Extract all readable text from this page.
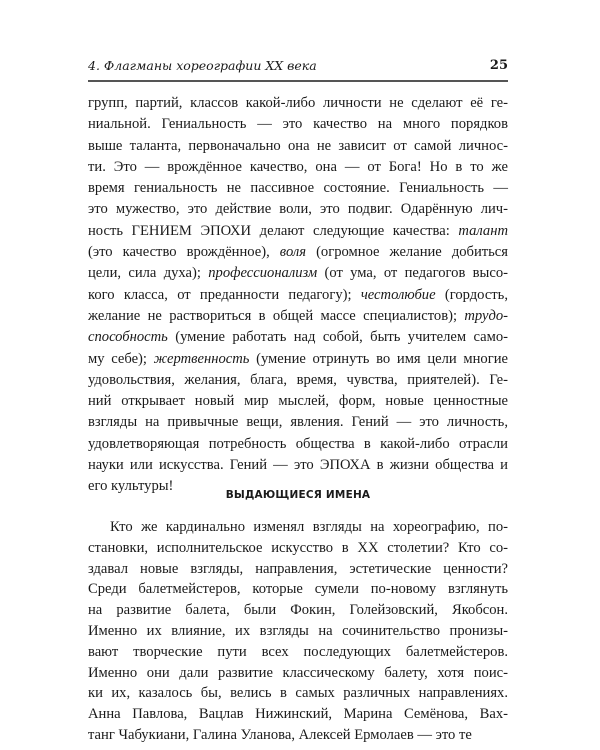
4. Флагманы хореографии XX века	25
групп, партий, классов какой-либо личности не сделают её ге-
ниальной. Гениальность — это качество на много порядков
выше таланта, первоначально она не зависит от самой личнос-
ти. Это — врождённое качество, она — от Бога! Но в то же
время гениальность не пассивное состояние. Гениальность —
это мужество, это действие воли, это подвиг. Одарённую лич-
ность ГЕНИЕМ ЭПОХИ делают следующие качества: талант
(это качество врождённое), воля (огромное желание добиться
цели, сила духа); профессионализм (от ума, от педагогов высо-
кого класса, от преданности педагогу); честолюбие (гордость,
желание не раствориться в общей массе специалистов); трудо-
способность (умение работать над собой, быть учителем само-
му себе); жертвенность (умение отринуть во имя цели многие
удовольствия, желания, блага, время, чувства, приятелей). Ге-
ний открывает новый мир мыслей, форм, новые ценностные
взгляды на привычные вещи, явления. Гений — это личность,
удовлетворяющая потребность общества в какой-либо отрасли
науки или искусства. Гений — это ЭПОХА в жизни общества и
его культуры!
ВЫДАЮЩИЕСЯ ИМЕНА
Кто же кардинально изменял взгляды на хореографию, по-
становки, исполнительское искусство в XX столетии? Кто со-
здавал новые взгляды, направления, эстетические ценности?
Среди балетмейстеров, которые сумели по-новому взглянуть
на развитие балета, были Фокин, Голейзовский, Якобсон.
Именно их влияние, их взгляды на сочинительство пронизы-
вают творческие пути всех последующих балетмейстеров.
Именно они дали развитие классическому балету, хотя поис-
ки их, казалось бы, велись в самых различных направлениях.
Анна Павлова, Вацлав Нижинский, Марина Семёнова, Вах-
танг Чабукиани, Галина Уланова, Алексей Ермолаев — это те
